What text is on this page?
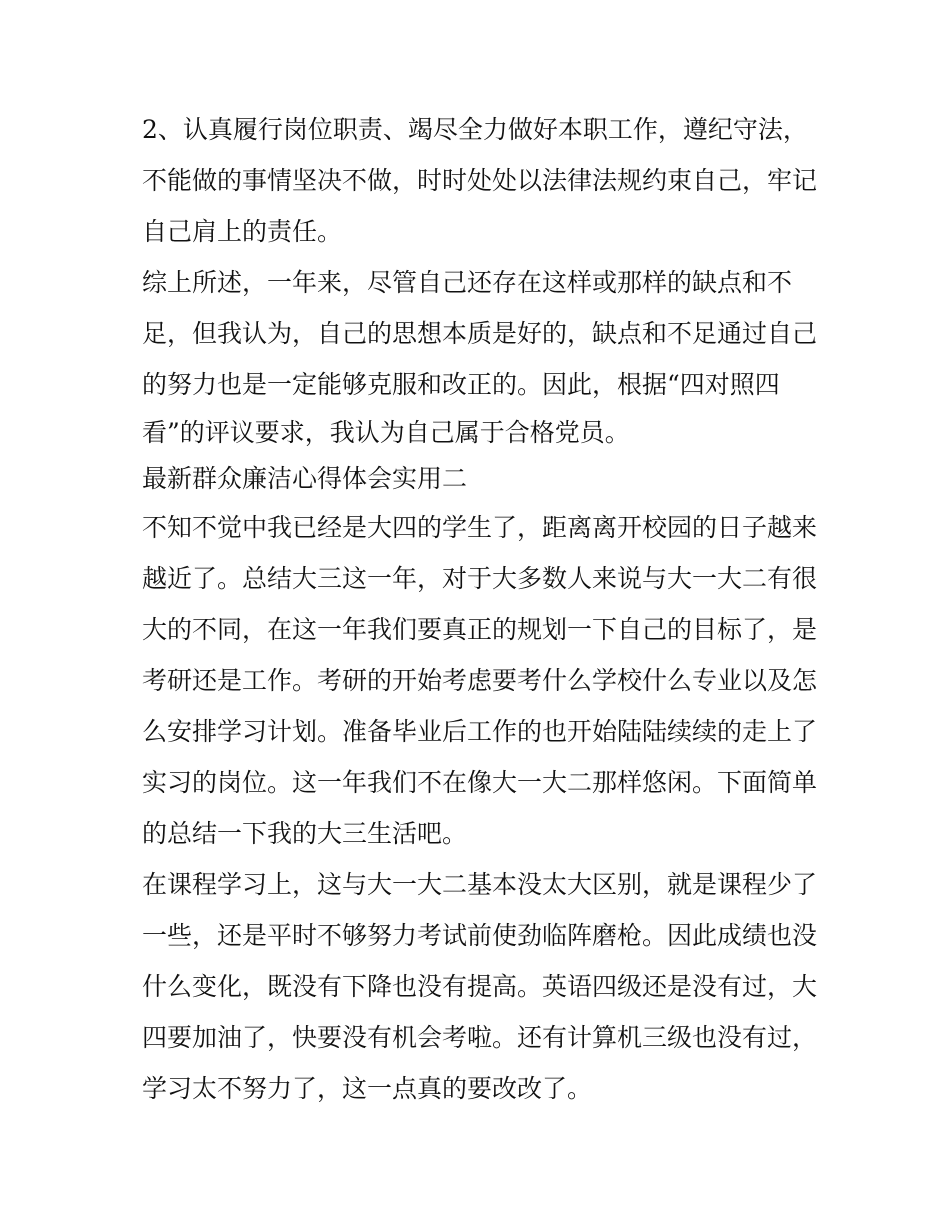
2、认真履行岗位职责、竭尽全力做好本职工作，遵纪守法，
不能做的事情坚决不做，时时处处以法律法规约束自己，牢记
自己肩上的责任。
综上所述，一年来，尽管自己还存在这样或那样的缺点和不
足，但我认为，自己的思想本质是好的，缺点和不足通过自己
的努力也是一定能够克服和改正的。因此，根据“四对照四
看”的评议要求，我认为自己属于合格党员。
最新群众廉洁心得体会实用二
不知不觉中我已经是大四的学生了，距离离开校园的日子越来
越近了。总结大三这一年，对于大多数人来说与大一大二有很
大的不同，在这一年我们要真正的规划一下自己的目标了，是
考研还是工作。考研的开始考虑要考什么学校什么专业以及怎
么安排学习计划。准备毕业后工作的也开始陆陆续续的走上了
实习的岗位。这一年我们不在像大一大二那样悠闲。下面简单
的总结一下我的大三生活吧。
在课程学习上，这与大一大二基本没太大区别，就是课程少了
一些，还是平时不够努力考试前使劲临阵磨枪。因此成绩也没
什么变化，既没有下降也没有提高。英语四级还是没有过，大
四要加油了，快要没有机会考啦。还有计算机三级也没有过，
学习太不努力了，这一点真的要改改了。
